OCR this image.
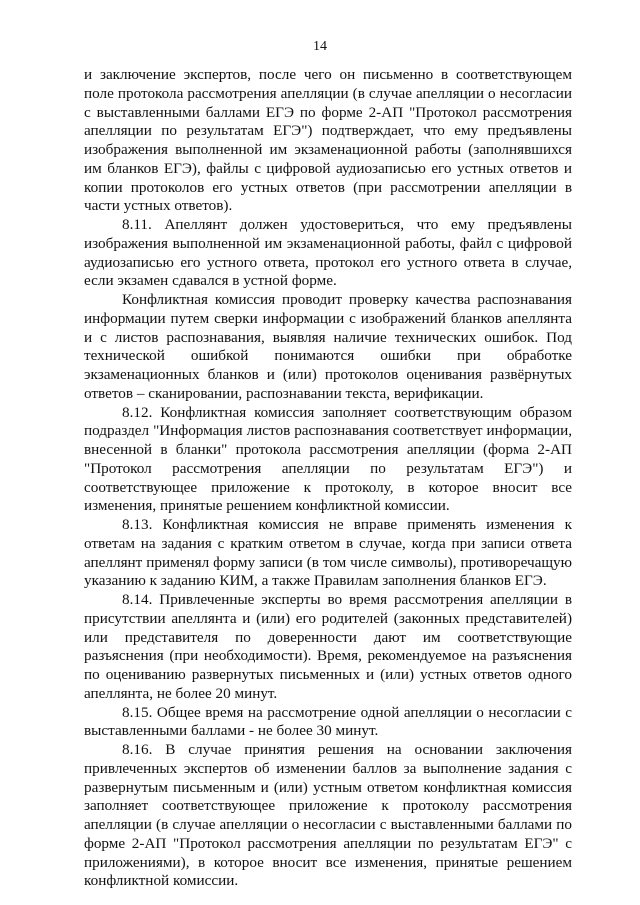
14

и заключение экспертов, после чего он письменно в соответствующем поле протокола рассмотрения апелляции (в случае апелляции о несогласии с выставленными баллами ЕГЭ по форме 2-АП "Протокол рассмотрения апелляции по результатам ЕГЭ") подтверждает, что ему предъявлены изображения выполненной им экзаменационной работы (заполнявшихся им бланков ЕГЭ), файлы с цифровой аудиозаписью его устных ответов и копии протоколов его устных ответов (при рассмотрении апелляции в части устных ответов).

8.11. Апеллянт должен удостовериться, что ему предъявлены изображения выполненной им экзаменационной работы, файл с цифровой аудиозаписью его устного ответа, протокол его устного ответа в случае, если экзамен сдавался в устной форме.

Конфликтная комиссия проводит проверку качества распознавания информации путем сверки информации с изображений бланков апеллянта и с листов распознавания, выявляя наличие технических ошибок. Под технической ошибкой понимаются ошибки при обработке экзаменационных бланков и (или) протоколов оценивания развёрнутых ответов – сканировании, распознавании текста, верификации.

8.12. Конфликтная комиссия заполняет соответствующим образом подраздел "Информация листов распознавания соответствует информации, внесенной в бланки" протокола рассмотрения апелляции (форма 2-АП "Протокол рассмотрения апелляции по результатам ЕГЭ") и соответствующее приложение к протоколу, в которое вносит все изменения, принятые решением конфликтной комиссии.

8.13. Конфликтная комиссия не вправе применять изменения к ответам на задания с кратким ответом в случае, когда при записи ответа апеллянт применял форму записи (в том числе символы), противоречащую указанию к заданию КИМ, а также Правилам заполнения бланков ЕГЭ.

8.14. Привлеченные эксперты во время рассмотрения апелляции в присутствии апеллянта и (или) его родителей (законных представителей) или представителя по доверенности дают им соответствующие разъяснения (при необходимости). Время, рекомендуемое на разъяснения по оцениванию развернутых письменных и (или) устных ответов одного апеллянта, не более 20 минут.

8.15. Общее время на рассмотрение одной апелляции о несогласии с выставленными баллами - не более 30 минут.

8.16. В случае принятия решения на основании заключения привлеченных экспертов об изменении баллов за выполнение задания с развернутым письменным и (или) устным ответом конфликтная комиссия заполняет соответствующее приложение к протоколу рассмотрения апелляции (в случае апелляции о несогласии с выставленными баллами по форме 2-АП "Протокол рассмотрения апелляции по результатам ЕГЭ" с приложениями), в которое вносит все изменения, принятые решением конфликтной комиссии.
